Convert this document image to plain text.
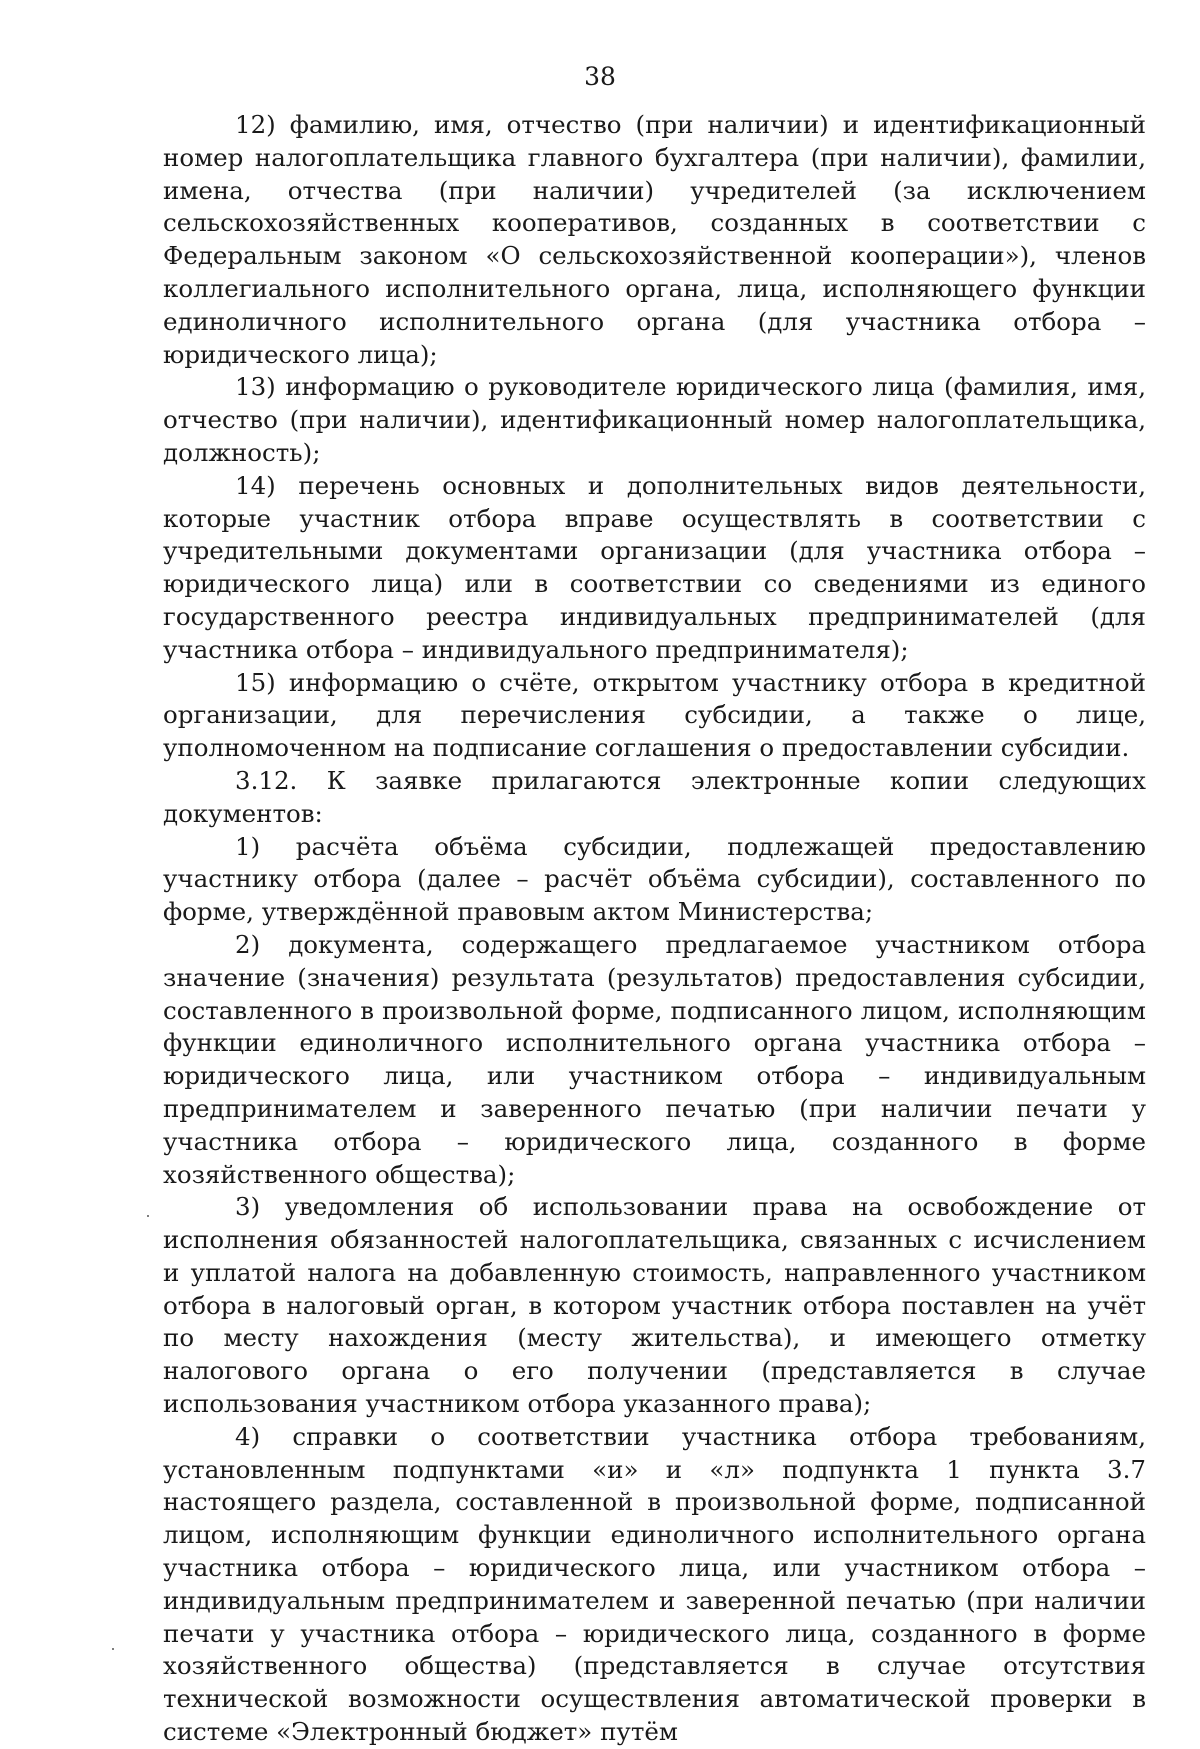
38

12) фамилию, имя, отчество (при наличии) и идентификационный номер налогоплательщика главного бухгалтера (при наличии), фамилии, имена, отчества (при наличии) учредителей (за исключением сельскохозяйственных кооперативов, созданных в соответствии с Федеральным законом «О сельскохозяйственной кооперации»), членов коллегиального исполнительного органа, лица, исполняющего функции единоличного исполнительного органа (для участника отбора – юридического лица);

13) информацию о руководителе юридического лица (фамилия, имя, отчество (при наличии), идентификационный номер налогоплательщика, должность);

14) перечень основных и дополнительных видов деятельности, которые участник отбора вправе осуществлять в соответствии с учредительными документами организации (для участника отбора – юридического лица) или в соответствии со сведениями из единого государственного реестра индивидуальных предпринимателей (для участника отбора – индивидуального предпринимателя);

15) информацию о счёте, открытом участнику отбора в кредитной организации, для перечисления субсидии, а также о лице, уполномоченном на подписание соглашения о предоставлении субсидии.

3.12. К заявке прилагаются электронные копии следующих документов:

1) расчёта объёма субсидии, подлежащей предоставлению участнику отбора (далее – расчёт объёма субсидии), составленного по форме, утверждённой правовым актом Министерства;

2) документа, содержащего предлагаемое участником отбора значение (значения) результата (результатов) предоставления субсидии, составленного в произвольной форме, подписанного лицом, исполняющим функции единоличного исполнительного органа участника отбора – юридического лица, или участником отбора – индивидуальным предпринимателем и заверенного печатью (при наличии печати у участника отбора – юридического лица, созданного в форме хозяйственного общества);

3) уведомления об использовании права на освобождение от исполнения обязанностей налогоплательщика, связанных с исчислением и уплатой налога на добавленную стоимость, направленного участником отбора в налоговый орган, в котором участник отбора поставлен на учёт по месту нахождения (месту жительства), и имеющего отметку налогового органа о его получении (представляется в случае использования участником отбора указанного права);

4) справки о соответствии участника отбора требованиям, установленным подпунктами «и» и «л» подпункта 1 пункта 3.7 настоящего раздела, составленной в произвольной форме, подписанной лицом, исполняющим функции единоличного исполнительного органа участника отбора – юридического лица, или участником отбора – индивидуальным предпринимателем и заверенной печатью (при наличии печати у участника отбора – юридического лица, созданного в форме хозяйственного общества) (представляется в случае отсутствия технической возможности осуществления автоматической проверки в системе «Электронный бюджет» путём
